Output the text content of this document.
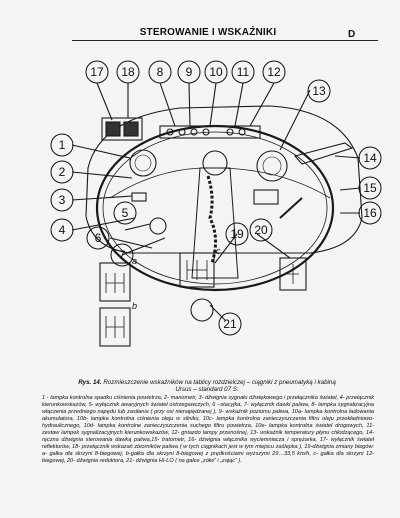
STEROWANIE I WSKAŹNIKI	D
17 18 8 9 10 11 12
13
1
2
3
4
14
15
16
5
6
7
19 20
21
a
b
c
Rys. 14. Rozmieszczenie wskaźników na tablicy rozdzielczej – ciągniki z pneumatyką i kabiną
Ursus – standard 07 S:
1 - lampka kontrolna spadku ciśnienia powietrza, 2- manometr, 3- dźwignia sygnału dźwiękowego i przełącznika świateł, 4- przełącznik kierunkowskazów, 5- wyłącznik awaryjnych świateł ostrzegawczych, 6 –stacyjka, 7- wyłącznik dawki paliwa, 8- lampka sygnalizacyjna włączenia przedniego napędu lub zasiłania ( przy osi nienapędzanej ), 9- wskaźnik poziomu paliwa, 10a- lampka kontrolna ładowania akumulatora, 10b- lampka kontrolna ciśnienia oleju w silniku, 10c- lampka kontrolna zanieczyszczenia filtru oleju przekładniowo-hydraulicznego, 10d- lampka kontrolne zanieczyszczenia suchego filtru powietrza, 10e- lampka kontrolna świateł drogowych, 11- zestaw lampek sygnalizacyjnych kierunkowskazów, 12- gniazdo lampy przenośnej, 13- wskaźnik temperatury płynu chłodzącego, 14- ręczna dźwignia sterowania dawką paliwa,15- tratometr, 16- dźwignia włącznika wyciemniacza i sprężarka, 17- wyłącznik świateł reflektorów, 18- przełącznik wskazań zbiorników paliwa ( w tych ciągnikach jest w tym miejscu zaślepka ), 19-dźwignia zmiany biegów: a- gałka dla skrzyni 8-biegowej, b-gałka dla skrzyni 8-biegowej z prędkościami wyższymi 29…33,5 km/h, c- gałka dla skrzyni 12-biegowej, 20- dźwignia reduktora, 21- dźwignia HI-LO ( na gałce „zółw” i „zając” ).
